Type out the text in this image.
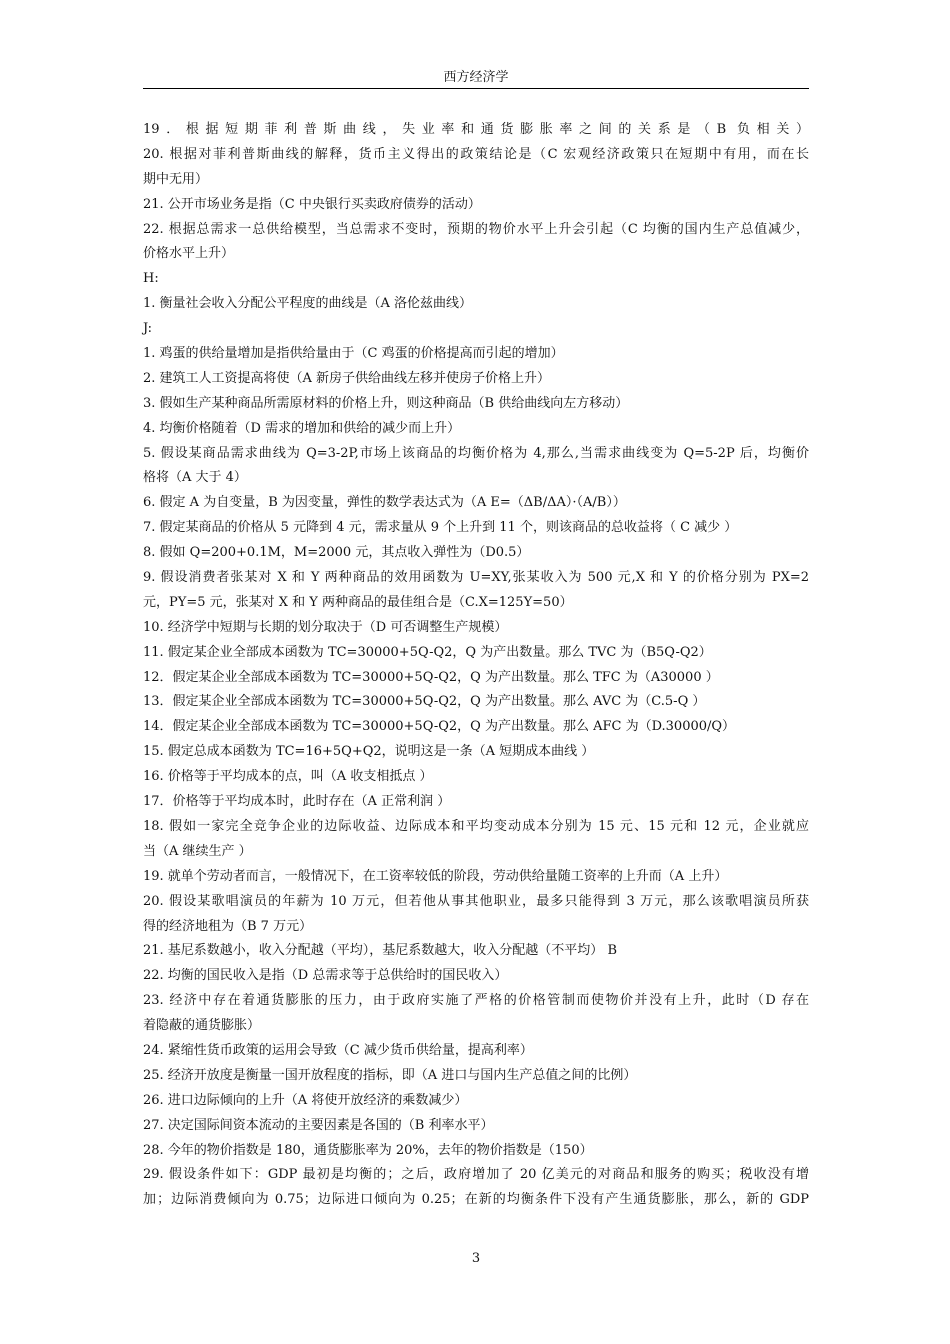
西方经济学
19．根据短期菲利普斯曲线，失业率和通货膨胀率之间的关系是（B 负相关）
20. 根据对菲利普斯曲线的解释，货币主义得出的政策结论是（C 宏观经济政策只在短期中有用，而在长
期中无用）
21. 公开市场业务是指（C 中央银行买卖政府债券的活动）
22. 根据总需求一总供给模型，当总需求不变时，预期的物价水平上升会引起（C 均衡的国内生产总值减少，
价格水平上升）
H:
1. 衡量社会收入分配公平程度的曲线是（A 洛伦兹曲线）
J:
1. 鸡蛋的供给量增加是指供给量由于（C 鸡蛋的价格提高而引起的增加）
2. 建筑工人工资提高将使（A 新房子供给曲线左移并使房子价格上升）
3. 假如生产某种商品所需原材料的价格上升，则这种商品（B 供给曲线向左方移动）
4. 均衡价格随着（D 需求的增加和供给的减少而上升）
5. 假设某商品需求曲线为 Q=3-2P,市场上该商品的均衡价格为 4,那么,当需求曲线变为 Q=5-2P 后，均衡价
格将（A 大于 4）
6. 假定 A 为自变量，B 为因变量，弹性的数学表达式为（A E=（ΔB/ΔA）·（A/B））
7. 假定某商品的价格从 5 元降到 4 元，需求量从 9 个上升到 11 个，则该商品的总收益将（ C 减少 ）
8. 假如 Q=200+0.1M，M=2000 元，其点收入弹性为（D0.5）
9. 假设消费者张某对 X 和 Y 两种商品的效用函数为 U=XY,张某收入为 500 元,X 和 Y 的价格分别为 PX=2
元，PY=5 元，张某对 X 和 Y 两种商品的最佳组合是（C.X=125Y=50）
10. 经济学中短期与长期的划分取决于（D 可否调整生产规模）
11. 假定某企业全部成本函数为 TC=30000+5Q-Q2，Q 为产出数量。那么 TVC 为（B5Q-Q2）
12．假定某企业全部成本函数为 TC=30000+5Q-Q2，Q 为产出数量。那么 TFC 为（A30000 ）
13．假定某企业全部成本函数为 TC=30000+5Q-Q2，Q 为产出数量。那么 AVC 为（C.5-Q ）
14．假定某企业全部成本函数为 TC=30000+5Q-Q2，Q 为产出数量。那么 AFC 为（D.30000/Q）
15. 假定总成本函数为 TC=16+5Q+Q2，说明这是一条（A 短期成本曲线 ）
16. 价格等于平均成本的点，叫（A 收支相抵点 ）
17．价格等于平均成本时，此时存在（A 正常利润 ）
18. 假如一家完全竞争企业的边际收益、边际成本和平均变动成本分别为 15 元、15 元和 12 元，企业就应
当（A 继续生产 ）
19. 就单个劳动者而言，一般情况下，在工资率较低的阶段，劳动供给量随工资率的上升而（A 上升）
20. 假设某歌唱演员的年薪为 10 万元，但若他从事其他职业，最多只能得到 3 万元，那么该歌唱演员所获
得的经济地租为（B 7 万元）
21. 基尼系数越小，收入分配越（平均），基尼系数越大，收入分配越（不平均） B
22. 均衡的国民收入是指（D 总需求等于总供给时的国民收入）
23. 经济中存在着通货膨胀的压力，由于政府实施了严格的价格管制而使物价并没有上升，此时（D 存在
着隐蔽的通货膨胀）
24. 紧缩性货币政策的运用会导致（C 减少货币供给量，提高利率）
25. 经济开放度是衡量一国开放程度的指标，即（A 进口与国内生产总值之间的比例）
26. 进口边际倾向的上升（A 将使开放经济的乘数减少）
27. 决定国际间资本流动的主要因素是各国的（B 利率水平）
28. 今年的物价指数是 180，通货膨胀率为 20%，去年的物价指数是（150）
29. 假设条件如下：GDP 最初是均衡的；之后，政府增加了 20 亿美元的对商品和服务的购买；税收没有增
加；边际消费倾向为 0.75；边际进口倾向为 0.25；在新的均衡条件下没有产生通货膨胀，那么，新的 GDP
3
